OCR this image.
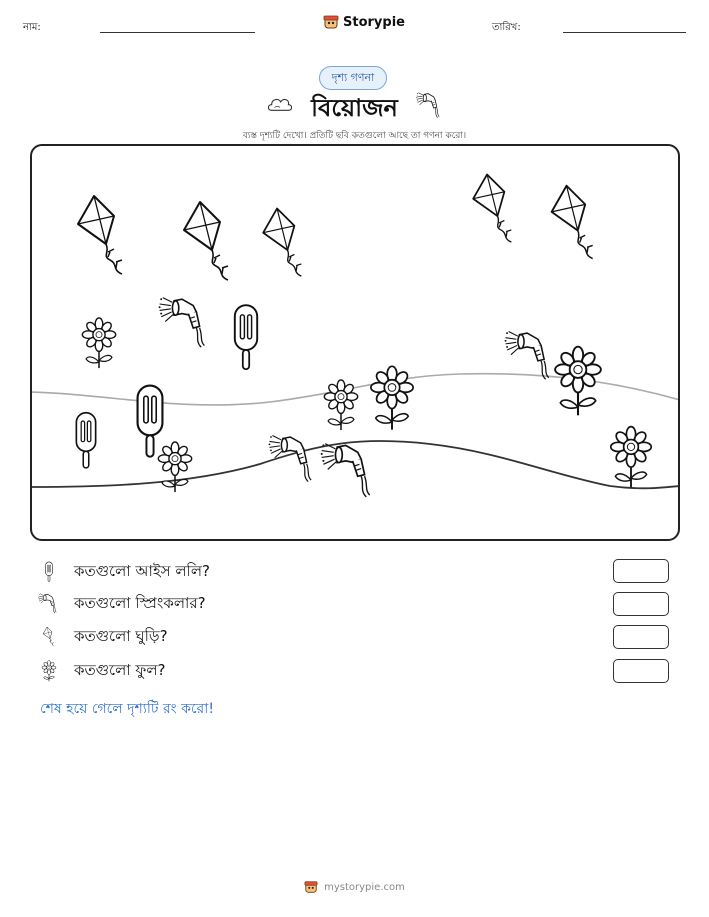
নাম:	Storypie	তারিখ:
দৃশ্য গণনা
বিয়োজন
ব্যস্ত দৃশ্যটি দেখো। প্রতিটি ছবি কতগুলো আছে তা গণনা করো।
কতগুলো আইস ললি?
কতগুলো স্প্রিংকলার?
কতগুলো ঘুড়ি?
কতগুলো ফুল?
শেষ হয়ে গেলে দৃশ্যটি রং করো!
mystorypie.com
